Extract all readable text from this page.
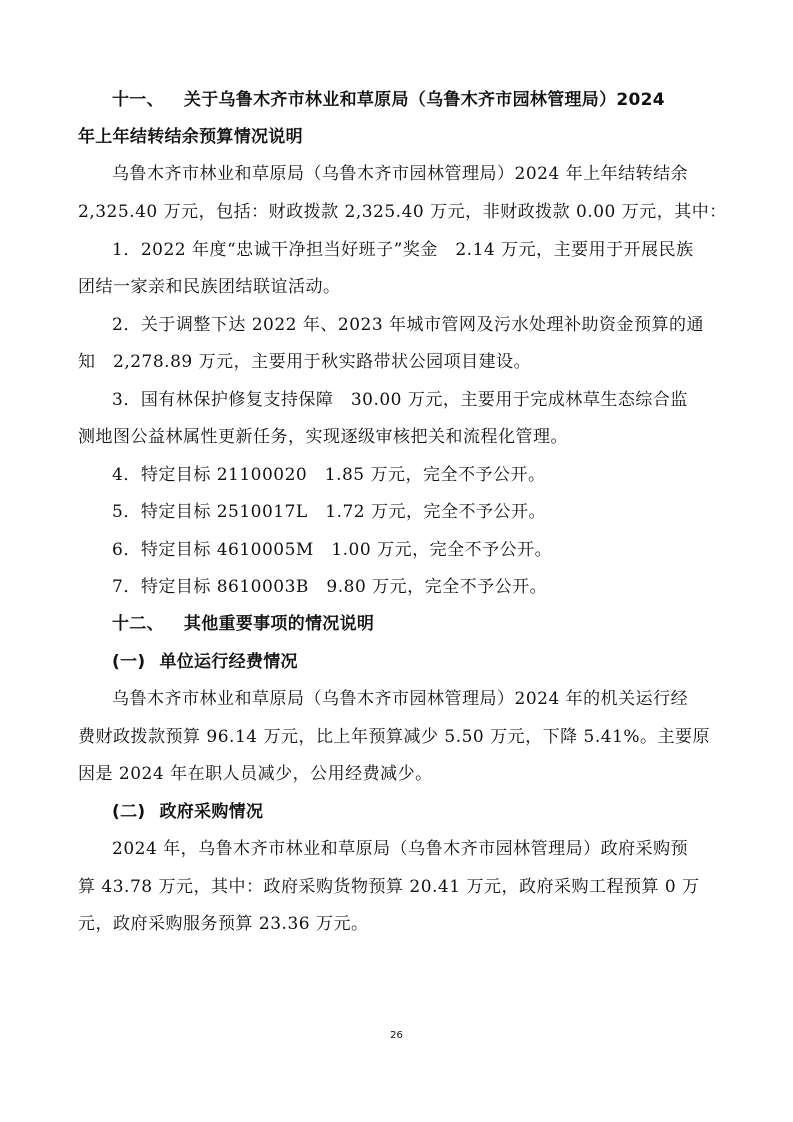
十一、 关于乌鲁木齐市林业和草原局（乌鲁木齐市园林管理局）2024
年上年结转结余预算情况说明
乌鲁木齐市林业和草原局（乌鲁木齐市园林管理局）2024 年上年结转结余
2,325.40 万元，包括：财政拨款 2,325.40 万元，非财政拨款 0.00 万元，其中：
1．2022 年度“忠诚干净担当好班子”奖金　2.14 万元，主要用于开展民族
团结一家亲和民族团结联谊活动。
2．关于调整下达 2022 年、2023 年城市管网及污水处理补助资金预算的通
知　2,278.89 万元，主要用于秋实路带状公园项目建设。
3．国有林保护修复支持保障　30.00 万元，主要用于完成林草生态综合监
测地图公益林属性更新任务，实现逐级审核把关和流程化管理。
4．特定目标 21100020　1.85 万元，完全不予公开。
5．特定目标 2510017L　1.72 万元，完全不予公开。
6．特定目标 4610005M　1.00 万元，完全不予公开。
7．特定目标 8610003B　9.80 万元，完全不予公开。
十二、 其他重要事项的情况说明
(一) 单位运行经费情况
乌鲁木齐市林业和草原局（乌鲁木齐市园林管理局）2024 年的机关运行经
费财政拨款预算 96.14 万元，比上年预算减少 5.50 万元，下降 5.41%。主要原
因是 2024 年在职人员减少，公用经费减少。
(二) 政府采购情况
2024 年，乌鲁木齐市林业和草原局（乌鲁木齐市园林管理局）政府采购预
算 43.78 万元，其中：政府采购货物预算 20.41 万元，政府采购工程预算 0 万
元，政府采购服务预算 23.36 万元。
26
